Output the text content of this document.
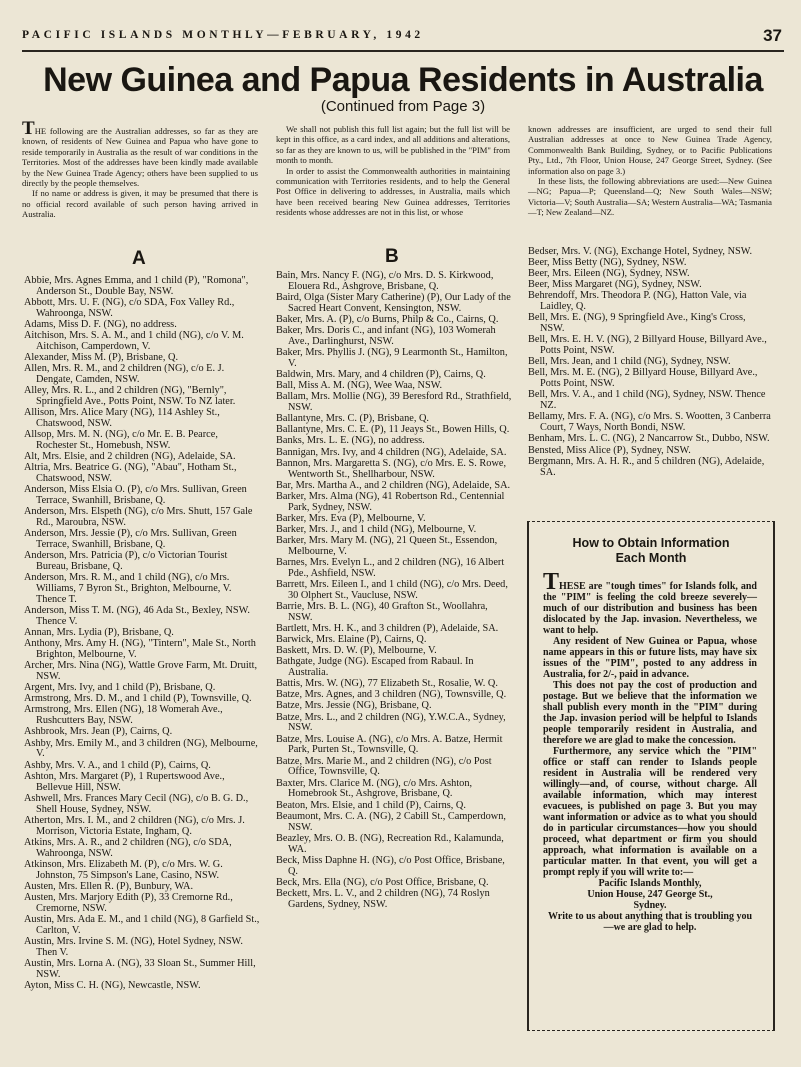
PACIFIC ISLANDS MONTHLY—FEBRUARY, 1942	37
New Guinea and Papua Residents in Australia
(Continued from Page 3)

THE following are the Australian addresses, so far as they are known, of residents of New Guinea and Papua who have gone to reside temporarily in Australia as the result of war conditions in the Territories. Most of the addresses have been kindly made available by the New Guinea Trade Agency; others have been supplied to us directly by the people themselves.

If no name or address is given, it may be presumed that there is no official record available of such person having arrived in Australia.

We shall not publish this full list again; but the full list will be kept in this office, as a card index, and all additions and alterations, so far as they are known to us, will be published in the "PIM" from month to month.

In order to assist the Commonwealth authorities in maintaining communication with Territories residents, and to help the General Post Office in delivering to addresses, in Australia, mails which have been received bearing New Guinea addresses, Territories residents whose addresses are not in this list, or whose

known addresses are insufficient, are urged to send their full Australian addresses at once to New Guinea Trade Agency, Commonwealth Bank Building, Sydney, or to Pacific Publications Pty., Ltd., 7th Floor, Union House, 247 George Street, Sydney. (See information also on page 3.)

In these lists, the following abbreviations are used:—New Guinea—NG; Papua—P; Queensland—Q; New South Wales—NSW; Victoria—V; South Australia—SA; Western Australia—WA; Tasmania—T; New Zealand—NZ.

A	B
Abbie, Mrs. Agnes Emma, and 1 child (P), "Romona", Anderson St., Double Bay, NSW.
Abbott, Mrs. U. F. (NG), c/o SDA, Fox Valley Rd., Wahroonga, NSW.
Adams, Miss D. F. (NG), no address.
Aitchison, Mrs. S. A. M., and 1 child (NG), c/o V. M. Aitchison, Camperdown, V.
Alexander, Miss M. (P), Brisbane, Q.
Allen, Mrs. R. M., and 2 children (NG), c/o E. J. Dengate, Camden, NSW.
Alley, Mrs. R. L., and 2 children (NG), "Bernly", Springfield Ave., Potts Point, NSW. To NZ later.
Allison, Mrs. Alice Mary (NG), 114 Ashley St., Chatswood, NSW.
Allsop, Mrs. M. N. (NG), c/o Mr. E. B. Pearce, Rochester St., Homebush, NSW.
Alt, Mrs. Elsie, and 2 children (NG), Adelaide, SA.
Altria, Mrs. Beatrice G. (NG), "Abau", Hotham St., Chatswood, NSW.
Anderson, Miss Elsia O. (P), c/o Mrs. Sullivan, Green Terrace, Swanhill, Brisbane, Q.
Anderson, Mrs. Elspeth (NG), c/o Mrs. Shutt, 157 Gale Rd., Maroubra, NSW.
Anderson, Mrs. Jessie (P), c/o Mrs. Sullivan, Green Terrace, Swanhill, Brisbane, Q.
Anderson, Mrs. Patricia (P), c/o Victorian Tourist Bureau, Brisbane, Q.
Anderson, Mrs. R. M., and 1 child (NG), c/o Mrs. Williams, 7 Byron St., Brighton, Melbourne, V. Thence T.
Anderson, Miss T. M. (NG), 46 Ada St., Bexley, NSW. Thence V.
Annan, Mrs. Lydia (P), Brisbane, Q.
Anthony, Mrs. Amy H. (NG), "Tintern", Male St., North Brighton, Melbourne, V.
Archer, Mrs. Nina (NG), Wattle Grove Farm, Mt. Druitt, NSW.
Argent, Mrs. Ivy, and 1 child (P), Brisbane, Q.
Armstrong, Mrs. D. M., and 1 child (P), Townsville, Q.
Armstrong, Mrs. Ellen (NG), 18 Womerah Ave., Rushcutters Bay, NSW.
Ashbrook, Mrs. Jean (P), Cairns, Q.
Ashby, Mrs. Emily M., and 3 children (NG), Melbourne, V.
Ashby, Mrs. V. A., and 1 child (P), Cairns, Q.
Ashton, Mrs. Margaret (P), 1 Rupertswood Ave., Bellevue Hill, NSW.
Ashwell, Mrs. Frances Mary Cecil (NG), c/o B. G. D., Shell House, Sydney, NSW.
Atherton, Mrs. I. M., and 2 children (NG), c/o Mrs. J. Morrison, Victoria Estate, Ingham, Q.
Atkins, Mrs. A. R., and 2 children (NG), c/o SDA, Wahroonga, NSW.
Atkinson, Mrs. Elizabeth M. (P), c/o Mrs. W. G. Johnston, 75 Simpson's Lane, Casino, NSW.
Austen, Mrs. Ellen R. (P), Bunbury, WA.
Austen, Mrs. Marjory Edith (P), 33 Cremorne Rd., Cremorne, NSW.
Austin, Mrs. Ada E. M., and 1 child (NG), 8 Garfield St., Carlton, V.
Austin, Mrs. Irvine S. M. (NG), Hotel Sydney, NSW. Then V.
Austin, Mrs. Lorna A. (NG), 33 Sloan St., Summer Hill, NSW.
Ayton, Miss C. H. (NG), Newcastle, NSW.
Bain, Mrs. Nancy F. (NG), c/o Mrs. D. S. Kirkwood, Elouera Rd., Ashgrove, Brisbane, Q.
Baird, Olga (Sister Mary Catherine) (P), Our Lady of the Sacred Heart Convent, Kensington, NSW.
Baker, Mrs. A. (P), c/o Burns, Philp & Co., Cairns, Q.
Baker, Mrs. Doris C., and infant (NG), 103 Womerah Ave., Darlinghurst, NSW.
Baker, Mrs. Phyllis J. (NG), 9 Learmonth St., Hamilton, V.
Baldwin, Mrs. Mary, and 4 children (P), Cairns, Q.
Ball, Miss A. M. (NG), Wee Waa, NSW.
Ballam, Mrs. Mollie (NG), 39 Beresford Rd., Strathfield, NSW.
Ballantyne, Mrs. C. (P), Brisbane, Q.
Ballantyne, Mrs. C. E. (P), 11 Jeays St., Bowen Hills, Q.
Banks, Mrs. L. E. (NG), no address.
Bannigan, Mrs. Ivy, and 4 children (NG), Adelaide, SA.
Bannon, Mrs. Margaretta S. (NG), c/o Mrs. E. S. Rowe, Wentworth St., Shellharbour, NSW.
Bar, Mrs. Martha A., and 2 children (NG), Adelaide, SA.
Barker, Mrs. Alma (NG), 41 Robertson Rd., Centennial Park, Sydney, NSW.
Barker, Mrs. Eva (P), Melbourne, V.
Barker, Mrs. J., and 1 child (NG), Melbourne, V.
Barker, Mrs. Mary M. (NG), 21 Queen St., Essendon, Melbourne, V.
Barnes, Mrs. Evelyn L., and 2 children (NG), 16 Albert Pde., Ashfield, NSW.
Barrett, Mrs. Eileen I., and 1 child (NG), c/o Mrs. Deed, 30 Olphert St., Vaucluse, NSW.
Barrie, Mrs. B. L. (NG), 40 Grafton St., Woollahra, NSW.
Bartlett, Mrs. H. K., and 3 children (P), Adelaide, SA.
Barwick, Mrs. Elaine (P), Cairns, Q.
Baskett, Mrs. D. W. (P), Melbourne, V.
Bathgate, Judge (NG). Escaped from Rabaul. In Australia.
Battis, Mrs. W. (NG), 77 Elizabeth St., Rosalie, W. Q.
Batze, Mrs. Agnes, and 3 children (NG), Townsville, Q.
Batze, Mrs. Jessie (NG), Brisbane, Q.
Batze, Mrs. L., and 2 children (NG), Y.W.C.A., Sydney, NSW.
Batze, Mrs. Louise A. (NG), c/o Mrs. A. Batze, Hermit Park, Purten St., Townsville, Q.
Batze, Mrs. Marie M., and 2 children (NG), c/o Post Office, Townsville, Q.
Baxter, Mrs. Clarice M. (NG), c/o Mrs. Ashton, Homebrook St., Ashgrove, Brisbane, Q.
Beaton, Mrs. Elsie, and 1 child (P), Cairns, Q.
Beaumont, Mrs. C. A. (NG), 2 Cabill St., Camperdown, NSW.
Beazley, Mrs. O. B. (NG), Recreation Rd., Kalamunda, WA.
Beck, Miss Daphne H. (NG), c/o Post Office, Brisbane, Q.
Beck, Mrs. Ella (NG), c/o Post Office, Brisbane, Q.
Beckett, Mrs. L. V., and 2 children (NG), 74 Roslyn Gardens, Sydney, NSW.
Bedser, Mrs. V. (NG), Exchange Hotel, Sydney, NSW.
Beer, Miss Betty (NG), Sydney, NSW.
Beer, Mrs. Eileen (NG), Sydney, NSW.
Beer, Miss Margaret (NG), Sydney, NSW.
Behrendoff, Mrs. Theodora P. (NG), Hatton Vale, via Laidley, Q.
Bell, Mrs. E. (NG), 9 Springfield Ave., King's Cross, NSW.
Bell, Mrs. E. H. V. (NG), 2 Billyard House, Billyard Ave., Potts Point, NSW.
Bell, Mrs. Jean, and 1 child (NG), Sydney, NSW.
Bell, Mrs. M. E. (NG), 2 Billyard House, Billyard Ave., Potts Point, NSW.
Bell, Mrs. V. A., and 1 child (NG), Sydney, NSW. Thence NZ.
Bellamy, Mrs. F. A. (NG), c/o Mrs. S. Wootten, 3 Canberra Court, 7 Ways, North Bondi, NSW.
Benham, Mrs. L. C. (NG), 2 Nancarrow St., Dubbo, NSW.
Bensted, Miss Alice (P), Sydney, NSW.
Bergmann, Mrs. A. H. R., and 5 children (NG), Adelaide, SA.
How to Obtain Information
Each Month

THESE are "tough times" for Islands folk, and the "PIM" is feeling the cold breeze severely—much of our distribution and business has been dislocated by the Jap. invasion. Nevertheless, we want to help.

Any resident of New Guinea or Papua, whose name appears in this or future lists, may have six issues of the "PIM", posted to any address in Australia, for 2/-, paid in advance.

This does not pay the cost of production and postage. But we believe that the information we shall publish every month in the "PIM" during the Jap. invasion period will be helpful to Islands people temporarily resident in Australia, and therefore we are glad to make the concession.

Furthermore, any service which the "PIM" office or staff can render to Islands people resident in Australia will be rendered very willingly—and, of course, without charge. All available information, which may interest evacuees, is published on page 3. But you may want information or advice as to what you should do in particular circumstances—how you should proceed, what department or firm you should approach, what information is available on a particular matter. In that event, you will get a prompt reply if you will write to:—

Pacific Islands Monthly,

Union House, 247 George St.,

Sydney.

Write to us about anything that is troubling you—we are glad to help.
